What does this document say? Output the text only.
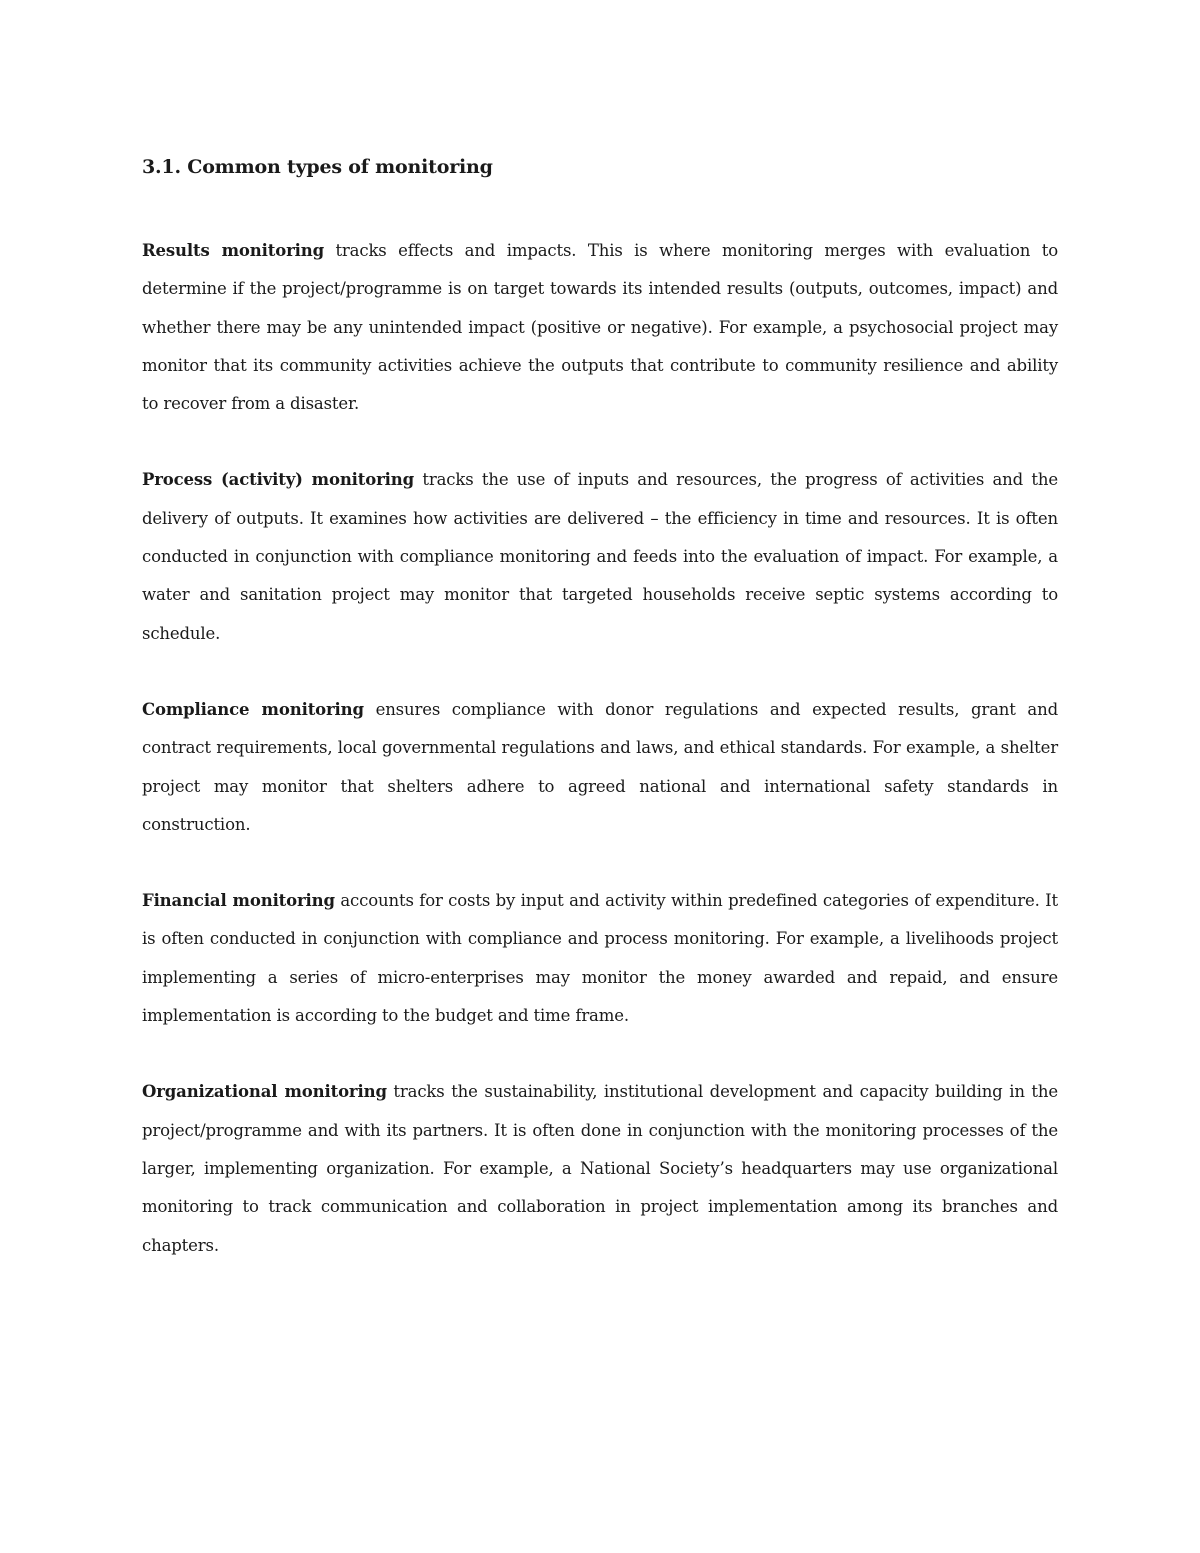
3.1. Common types of monitoring

Results monitoring tracks effects and impacts. This is where monitoring merges with evaluation to determine if the project/programme is on target towards its intended results (outputs, outcomes, impact) and whether there may be any unintended impact (positive or negative). For example, a psychosocial project may monitor that its community activities achieve the outputs that contribute to community resilience and ability to recover from a disaster.

Process (activity) monitoring tracks the use of inputs and resources, the progress of activities and the delivery of outputs. It examines how activities are delivered – the efficiency in time and resources. It is often conducted in conjunction with compliance monitoring and feeds into the evaluation of impact. For example, a water and sanitation project may monitor that targeted households receive septic systems according to schedule.

Compliance monitoring ensures compliance with donor regulations and expected results, grant and contract requirements, local governmental regulations and laws, and ethical standards. For example, a shelter project may monitor that shelters adhere to agreed national and international safety standards in construction.

Financial monitoring accounts for costs by input and activity within predefined categories of expenditure. It is often conducted in conjunction with compliance and process monitoring. For example, a livelihoods project implementing a series of micro-enterprises may monitor the money awarded and repaid, and ensure implementation is according to the budget and time frame.

Organizational monitoring tracks the sustainability, institutional development and capacity building in the project/programme and with its partners. It is often done in conjunction with the monitoring processes of the larger, implementing organization. For example, a National Society’s headquarters may use organizational monitoring to track communication and collaboration in project implementation among its branches and chapters.
